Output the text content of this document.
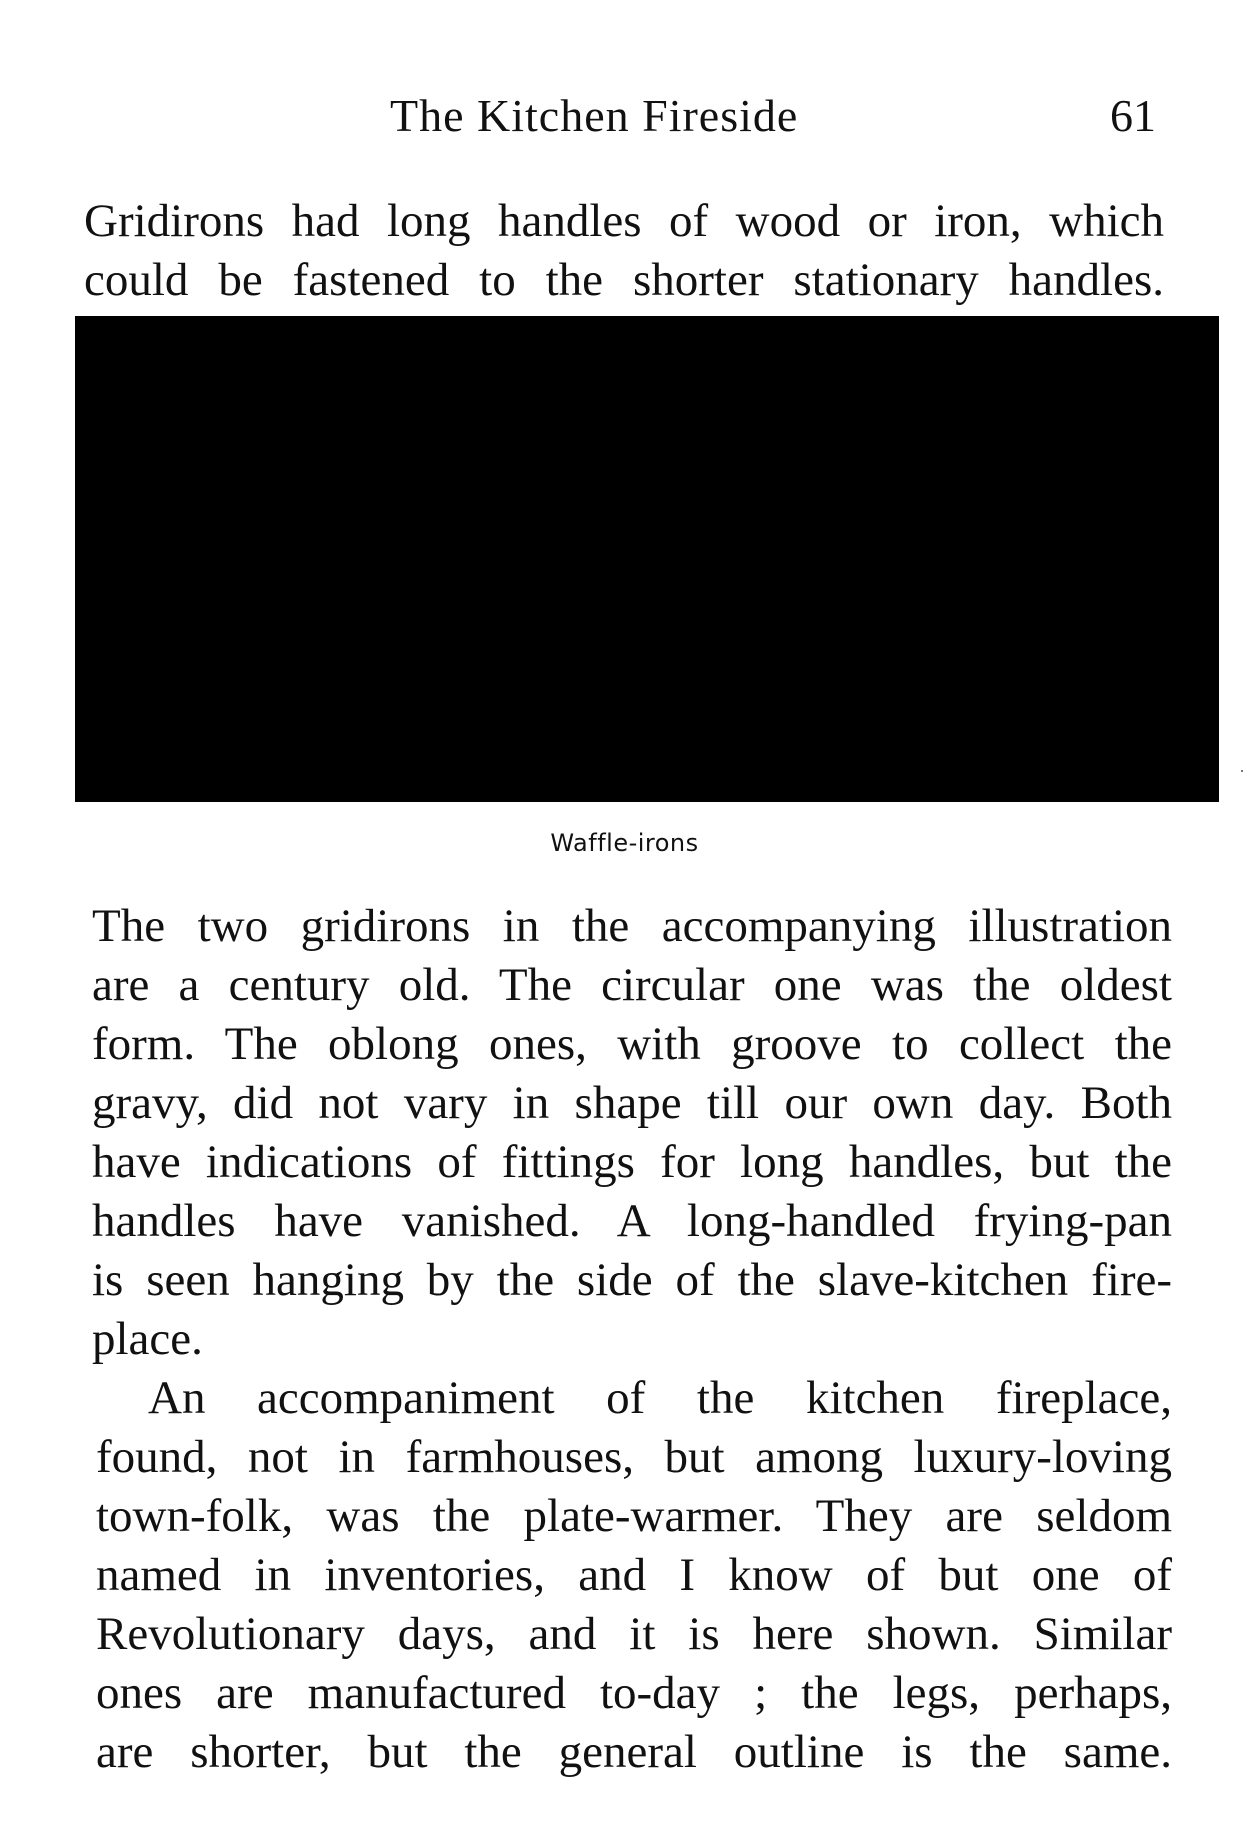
The Kitchen Fireside	61
Gridirons had long handles of wood or iron, which
could be fastened to the shorter stationary handles.
Waffle-irons
The two gridirons in the accompanying illustration
are a century old. The circular one was the oldest
form. The oblong ones, with groove to collect the
gravy, did not vary in shape till our own day. Both
have indications of fittings for long handles, but the
handles have vanished. A long-handled frying-pan
is seen hanging by the side of the slave-kitchen fire-
place.
An accompaniment of the kitchen fireplace,
found, not in farmhouses, but among luxury-loving
town-folk, was the plate-warmer. They are seldom
named in inventories, and I know of but one of
Revolutionary days, and it is here shown. Similar
ones are manufactured to-day ; the legs, perhaps,
are shorter, but the general outline is the same.
